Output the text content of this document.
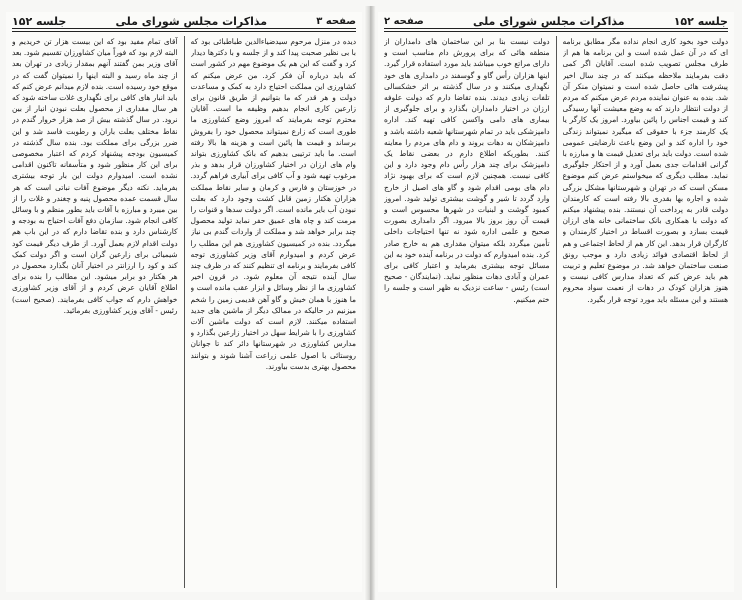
صفحه ۳
مذاکرات مجلس شورای ملی
جلسه ۱۵۲
دیده در منزل مرحوم سیدضیاءالدین طباطبائی بود که با بی نظیر صحبت پیدا کند و از جلسه و با دکترها دیدار کرد و گفت که این هم یک موضوع مهم در کشور است که باید درباره آن فکر کرد. من عرض میکنم که کشاورزی این مملکت احتیاج دارد به کمک و مساعدت دولت و هر قدر که ما بتوانیم از طریق قانون برای زارعین کاری انجام بدهیم وظیفه ما است. آقایان محترم توجه بفرمایند که امروز وضع کشاورزی ما طوری است که زارع نمیتواند محصول خود را بفروش برساند و قیمت ها پائین است و هزینه ها بالا رفته است. ما باید ترتیبی بدهیم که بانک کشاورزی بتواند وام های ارزان در اختیار کشاورزان قرار بدهد و بذر مرغوب تهیه شود و آب کافی برای آبیاری فراهم گردد. در خوزستان و فارس و کرمان و سایر نقاط مملکت هزاران هکتار زمین قابل کشت وجود دارد که بعلت نبودن آب بایر مانده است. اگر دولت سدها و قنوات را مرمت کند و چاه های عمیق حفر نماید تولید محصول چند برابر خواهد شد و مملکت از واردات گندم بی نیاز میگردد. بنده در کمیسیون کشاورزی هم این مطلب را عرض کردم و امیدوارم آقای وزیر کشاورزی توجه کافی بفرمایند و برنامه ای تنظیم کنند که در ظرف چند سال آینده نتیجه آن معلوم شود. در قرون اخیر کشاورزی ما از نظر وسائل و ابزار عقب مانده است و ما هنوز با همان خیش و گاو آهن قدیمی زمین را شخم میزنیم در حالیکه در ممالک دیگر از ماشین های جدید استفاده میکنند. لازم است که دولت ماشین آلات کشاورزی را با شرایط سهل در اختیار زارعین بگذارد و مدارس کشاورزی در شهرستانها دائر کند تا جوانان روستائی با اصول علمی زراعت آشنا شوند و بتوانند محصول بهتری بدست بیاورند.
آقای تمام مفید بود که این بیست هزار تن خریدیم و البته لازم بود که فوراً میان کشاورزان تقسیم شود. بعد آقای وزیر بمن گفتند آنهم بمقدار زیادی در تهران بعد از چند ماه رسید و البته اینها را نمیتوان گفت که در موقع خود رسیده است. بنده لازم میدانم عرض کنم که باید انبار های کافی برای نگهداری غلات ساخته شود که هر سال مقداری از محصول بعلت نبودن انبار از بین نرود. در سال گذشته بیش از صد هزار خروار گندم در نقاط مختلف بعلت باران و رطوبت فاسد شد و این ضرر بزرگی برای مملکت بود. بنده سال گذشته در کمیسیون بودجه پیشنهاد کردم که اعتبار مخصوصی برای این کار منظور شود و متأسفانه تاکنون اقدامی نشده است. امیدوارم دولت این بار توجه بیشتری بفرماید. نکته دیگر موضوع آفات نباتی است که هر سال قسمت عمده محصول پنبه و چغندر و غلات را از بین میبرد و مبارزه با آفات باید بطور منظم و با وسائل کافی انجام شود. سازمان دفع آفات احتیاج به بودجه و کارشناس دارد و بنده تقاضا دارم که در این باب هم دولت اقدام لازم بعمل آورد. از طرف دیگر قیمت کود شیمیائی برای زارعین گران است و اگر دولت کمک کند و کود را ارزانتر در اختیار آنان بگذارد محصول در هر هکتار دو برابر میشود. این مطالب را بنده برای اطلاع آقایان عرض کردم و از آقای وزیر کشاورزی خواهش دارم که جواب کافی بفرمایند. (صحیح است) رئیس - آقای وزیر کشاورزی بفرمائید.
جلسه ۱۵۲
مذاکرات مجلس شورای ملی
صفحه ۲
دولت خود بخود کاری انجام نداده مگر مطابق برنامه ای که در آن عمل شده است و این برنامه ها هم از طرف مجلس تصویب شده است. آقایان اگر کمی دقت بفرمایند ملاحظه میکنند که در چند سال اخیر پیشرفت هائی حاصل شده است و نمیتوان منکر آن شد. بنده به عنوان نماینده مردم عرض میکنم که مردم از دولت انتظار دارند که به وضع معیشت آنها رسیدگی کند و قیمت اجناس را پائین بیاورد. امروز یک کارگر یا یک کارمند جزء با حقوقی که میگیرد نمیتواند زندگی خود را اداره کند و این وضع باعث نارضایتی عمومی شده است. دولت باید برای تعدیل قیمت ها و مبارزه با گرانی اقدامات جدی بعمل آورد و از احتکار جلوگیری نماید. مطلب دیگری که میخواستم عرض کنم موضوع مسکن است که در تهران و شهرستانها مشکل بزرگی شده و اجاره بها بقدری بالا رفته است که کارمندان دولت قادر به پرداخت آن نیستند. بنده پیشنهاد میکنم که دولت با همکاری بانک ساختمانی خانه های ارزان قیمت بسازد و بصورت اقساط در اختیار کارمندان و کارگران قرار بدهد. این کار هم از لحاظ اجتماعی و هم از لحاظ اقتصادی فوائد زیادی دارد و موجب رونق صنعت ساختمان خواهد شد. در موضوع تعلیم و تربیت هم باید عرض کنم که تعداد مدارس کافی نیست و هنوز هزاران کودک در دهات از نعمت سواد محروم هستند و این مسئله باید مورد توجه قرار بگیرد.
دولت نیست بنا بر این ساختمان های دامداران از منطقه هائی که برای پرورش دام مناسب است و دارای مراتع خوب میباشد باید مورد استفاده قرار گیرد. اینها هزاران رأس گاو و گوسفند در دامداری های خود نگهداری میکنند و در سال گذشته بر اثر خشکسالی تلفات زیادی دیدند. بنده تقاضا دارم که دولت علوفه ارزان در اختیار دامداران بگذارد و برای جلوگیری از بیماری های دامی واکسن کافی تهیه کند. اداره دامپزشکی باید در تمام شهرستانها شعبه داشته باشد و دامپزشکان به دهات بروند و دام های مردم را معاینه کنند. بطوریکه اطلاع دارم در بعضی نقاط یک دامپزشک برای چند هزار رأس دام وجود دارد و این کافی نیست. همچنین لازم است که برای بهبود نژاد دام های بومی اقدام شود و گاو های اصیل از خارج وارد گردد تا شیر و گوشت بیشتری تولید شود. امروز کمبود گوشت و لبنیات در شهرها محسوس است و قیمت آن روز بروز بالا میرود. اگر دامداری بصورت صحیح و علمی اداره شود نه تنها احتیاجات داخلی تأمین میگردد بلکه میتوان مقداری هم به خارج صادر کرد. بنده امیدوارم که دولت در برنامه آینده خود به این مسائل توجه بیشتری بفرماید و اعتبار کافی برای عمران و آبادی دهات منظور نماید. (نمایندگان - صحیح است) رئیس - ساعت نزدیک به ظهر است و جلسه را ختم میکنیم.
